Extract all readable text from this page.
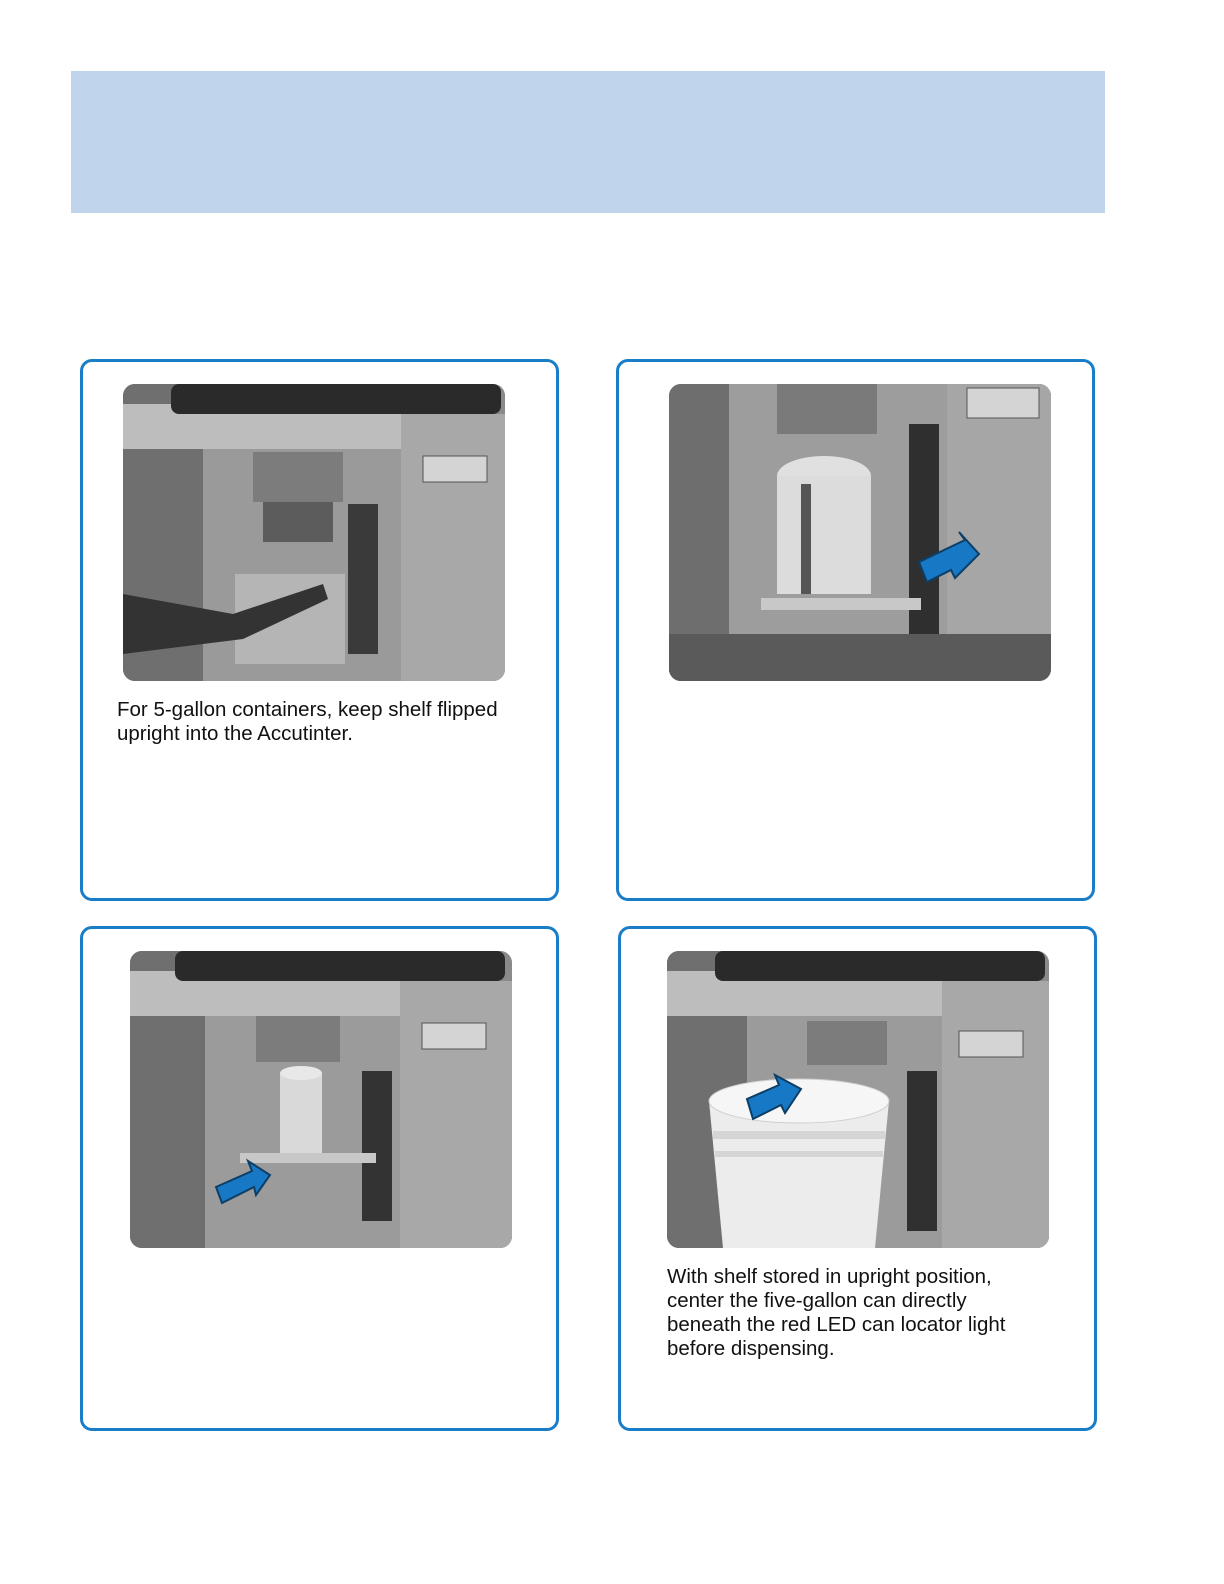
For 5-gallon containers, keep shelf flipped
upright into the Accutinter.

With shelf stored in upright position,
center the five-gallon can directly
beneath the red LED can locator light
before dispensing.
